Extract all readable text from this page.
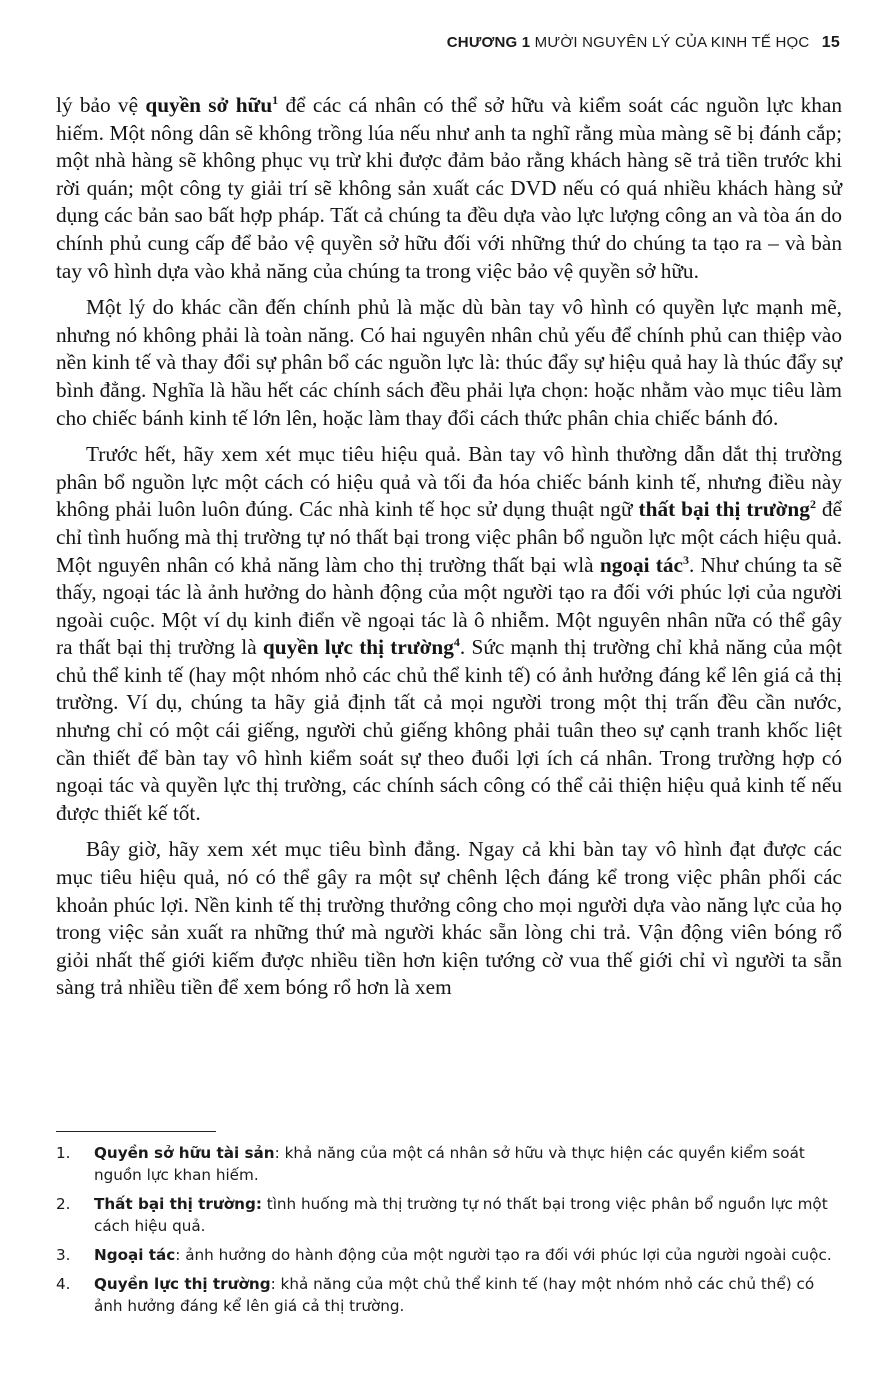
CHƯƠNG 1 MƯỜI NGUYÊN LÝ CỦA KINH TẾ HỌC 15

lý bảo vệ quyền sở hữu$^1$ để các cá nhân có thể sở hữu và kiểm soát các nguồn lực khan hiếm. Một nông dân sẽ không trồng lúa nếu như anh ta nghĩ rằng mùa màng sẽ bị đánh cắp; một nhà hàng sẽ không phục vụ trừ khi được đảm bảo rằng khách hàng sẽ trả tiền trước khi rời quán; một công ty giải trí sẽ không sản xuất các DVD nếu có quá nhiều khách hàng sử dụng các bản sao bất hợp pháp. Tất cả chúng ta đều dựa vào lực lượng công an và tòa án do chính phủ cung cấp để bảo vệ quyền sở hữu đối với những thứ do chúng ta tạo ra – và bàn tay vô hình dựa vào khả năng của chúng ta trong việc bảo vệ quyền sở hữu.

Một lý do khác cần đến chính phủ là mặc dù bàn tay vô hình có quyền lực mạnh mẽ, nhưng nó không phải là toàn năng. Có hai nguyên nhân chủ yếu để chính phủ can thiệp vào nền kinh tế và thay đổi sự phân bổ các nguồn lực là: thúc đẩy sự hiệu quả hay là thúc đẩy sự bình đẳng. Nghĩa là hầu hết các chính sách đều phải lựa chọn: hoặc nhằm vào mục tiêu làm cho chiếc bánh kinh tế lớn lên, hoặc làm thay đổi cách thức phân chia chiếc bánh đó.

Trước hết, hãy xem xét mục tiêu hiệu quả. Bàn tay vô hình thường dẫn dắt thị trường phân bổ nguồn lực một cách có hiệu quả và tối đa hóa chiếc bánh kinh tế, nhưng điều này không phải luôn luôn đúng. Các nhà kinh tế học sử dụng thuật ngữ thất bại thị trường$^2$ để chỉ tình huống mà thị trường tự nó thất bại trong việc phân bổ nguồn lực một cách hiệu quả. Một nguyên nhân có khả năng làm cho thị trường thất bại wlà ngoại tác$^3$. Như chúng ta sẽ thấy, ngoại tác là ảnh hưởng do hành động của một người tạo ra đối với phúc lợi của người ngoài cuộc. Một ví dụ kinh điển về ngoại tác là ô nhiễm. Một nguyên nhân nữa có thể gây ra thất bại thị trường là quyền lực thị trường$^4$. Sức mạnh thị trường chỉ khả năng của một chủ thể kinh tế (hay một nhóm nhỏ các chủ thể kinh tế) có ảnh hưởng đáng kể lên giá cả thị trường. Ví dụ, chúng ta hãy giả định tất cả mọi người trong một thị trấn đều cần nước, nhưng chỉ có một cái giếng, người chủ giếng không phải tuân theo sự cạnh tranh khốc liệt cần thiết để bàn tay vô hình kiểm soát sự theo đuổi lợi ích cá nhân. Trong trường hợp có ngoại tác và quyền lực thị trường, các chính sách công có thể cải thiện hiệu quả kinh tế nếu được thiết kế tốt.

Bây giờ, hãy xem xét mục tiêu bình đẳng. Ngay cả khi bàn tay vô hình đạt được các mục tiêu hiệu quả, nó có thể gây ra một sự chênh lệch đáng kể trong việc phân phối các khoản phúc lợi. Nền kinh tế thị trường thưởng công cho mọi người dựa vào năng lực của họ trong việc sản xuất ra những thứ mà người khác sẵn lòng chi trả. Vận động viên bóng rổ giỏi nhất thế giới kiếm được nhiều tiền hơn kiện tướng cờ vua thế giới chỉ vì người ta sẵn sàng trả nhiều tiền để xem bóng rổ hơn là xem

1.	Quyền sở hữu tài sản: khả năng của một cá nhân sở hữu và thực hiện các quyền kiểm soát nguồn lực khan hiếm.
2.	Thất bại thị trường: tình huống mà thị trường tự nó thất bại trong việc phân bổ nguồn lực một cách hiệu quả.
3.	Ngoại tác: ảnh hưởng do hành động của một người tạo ra đối với phúc lợi của người ngoài cuộc.
4.	Quyền lực thị trường: khả năng của một chủ thể kinh tế (hay một nhóm nhỏ các chủ thể) có ảnh hưởng đáng kể lên giá cả thị trường.
